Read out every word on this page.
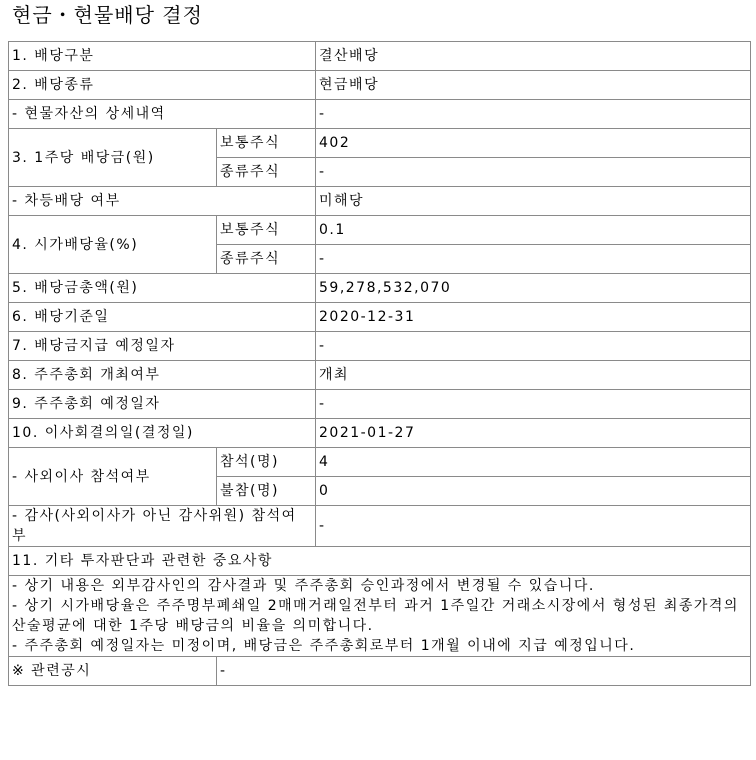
현금・현물배당 결정
1. 배당구분		결산배당
2. 배당종류		현금배당
- 현물자산의 상세내역		-
3. 1주당 배당금(원)	보통주식	402
	종류주식	-
- 차등배당 여부		미해당
4. 시가배당율(%)	보통주식	0.1
	종류주식	-
5. 배당금총액(원)		59,278,532,070
6. 배당기준일		2020-12-31
7. 배당금지급 예정일자		-
8. 주주총회 개최여부		개최
9. 주주총회 예정일자		-
10. 이사회결의일(결정일)		2021-01-27
- 사외이사 참석여부	참석(명)	4
	불참(명)	0
- 감사(사외이사가 아닌 감사위원) 참석여부		-
11. 기타 투자판단과 관련한 중요사항		

- 상기 내용은 외부감사인의 감사결과 및 주주총회 승인과정에서 변경될 수 있습니다.
- 상기 시가배당율은 주주명부폐쇄일 2매매거래일전부터 과거 1주일간 거래소시장에서 형성된 최종가격의 산술평균에 대한 1주당 배당금의 비율을 의미합니다.
- 주주총회 예정일자는 미정이며, 배당금은 주주총회로부터 1개월 이내에 지급 예정입니다.		

※ 관련공시	-	
